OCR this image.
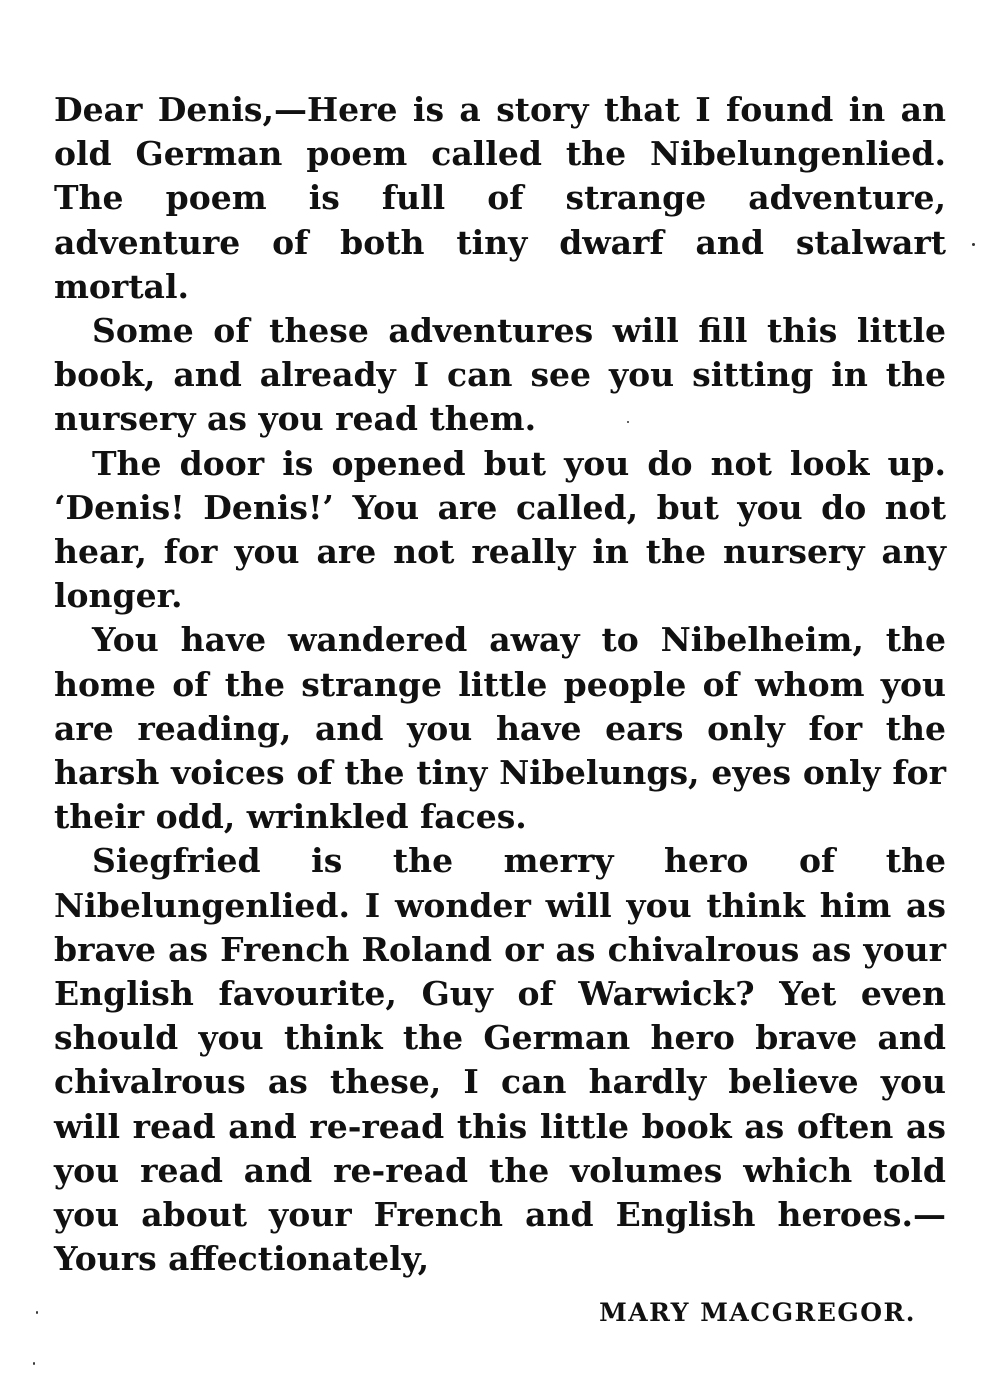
Dear Denis,—Here is a story that I found in an old German poem called the Nibelungenlied. The poem is full of strange adventure, adventure of both tiny dwarf and stalwart mortal.

Some of these adventures will fill this little book, and already I can see you sitting in the nursery as you read them.

The door is opened but you do not look up. ‘Denis! Denis!’ You are called, but you do not hear, for you are not really in the nursery any longer.

You have wandered away to Nibelheim, the home of the strange little people of whom you are reading, and you have ears only for the harsh voices of the tiny Nibelungs, eyes only for their odd, wrinkled faces.

Siegfried is the merry hero of the Nibelungenlied. I wonder will you think him as brave as French Roland or as chivalrous as your English favourite, Guy of Warwick? Yet even should you think the German hero brave and chivalrous as these, I can hardly believe you will read and re-read this little book as often as you read and re-read the volumes which told you about your French and English heroes.—Yours affectionately,

MARY MACGREGOR.
